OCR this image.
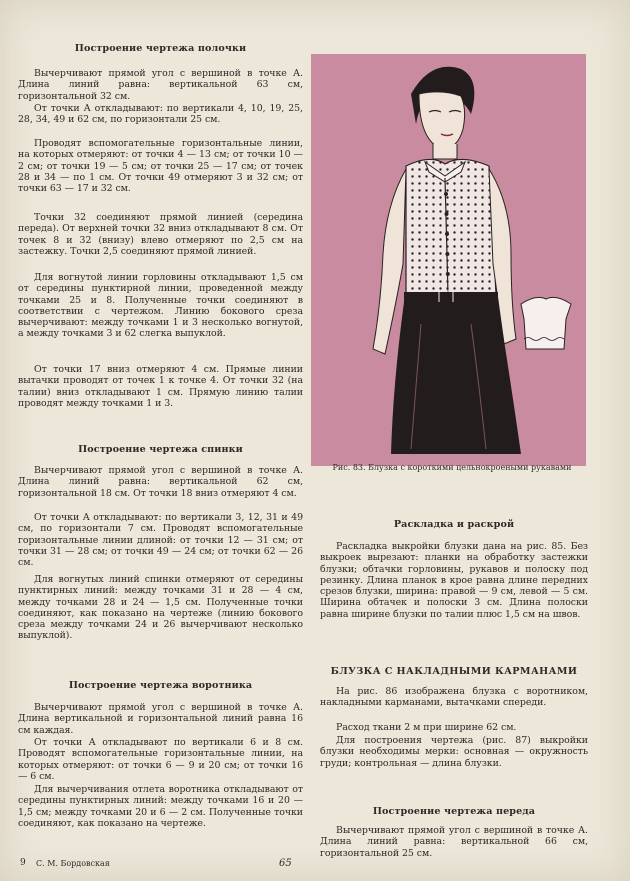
Построение чертежа полочки

Вычерчивают прямой угол с вершиной в точке А. Длина линий равна: вертикальной 63 см, горизонтальной 32 см.

От точки А откладывают: по вертикали 4, 10, 19, 25, 28, 34, 49 и 62 см, по горизонтали 25 см.

Проводят вспомогательные горизонтальные линии, на которых отмеряют: от точки 4 — 13 см; от точки 10 — 2 см; от точки 19 — 5 см; от точки 25 — 17 см; от точек 28 и 34 — по 1 см. От точки 49 отмеряют 3 и 32 см; от точки 63 — 17 и 32 см.

Точки 32 соединяют прямой линией (середина переда). От верхней точки 32 вниз откладывают 8 см. От точек 8 и 32 (внизу) влево отмеряют по 2,5 см на застежку. Точки 2,5 соединяют прямой линией.

Для вогнутой линии горловины откладывают 1,5 см от середины пунктирной линии, проведенной между точками 25 и 8. Полученные точки соединяют в соответствии с чертежом. Линию бокового среза вычерчивают: между точками 1 и 3 несколько вогнутой, а между точками 3 и 62 слегка выпуклой.

От точки 17 вниз отмеряют 4 см. Прямые линии вытачки проводят от точек 1 к точке 4. От точки 32 (на талии) вниз откладывают 1 см. Прямую линию талии проводят между точками 1 и 3.

Построение чертежа спинки

Вычерчивают прямой угол с вершиной в точке А. Длина линий равна: вертикальной 62 см, горизонтальной 18 см. От точки 18 вниз отмеряют 4 см.

От точки А откладывают: по вертикали 3, 12, 31 и 49 см, по горизонтали 7 см. Проводят вспомогательные горизонтальные линии длиной: от точки 12 — 31 см; от точки 31 — 28 см; от точки 49 — 24 см; от точки 62 — 26 см.

Для вогнутых линий спинки отмеряют от середины пунктирных линий: между точками 31 и 28 — 4 см, между точками 28 и 24 — 1,5 см. Полученные точки соединяют, как показано на чертеже (линию бокового среза между точками 24 и 26 вычерчивают несколько выпуклой).

Построение чертежа воротника

Вычерчивают прямой угол с вершиной в точке А. Длина вертикальной и горизонтальной линий равна 16 см каждая.

От точки А откладывают по вертикали 6 и 8 см. Проводят вспомогательные горизонтальные линии, на которых отмеряют: от точки 6 — 9 и 20 см; от точки 16 — 6 см.

Для вычерчивания отлета воротника откладывают от середины пунктирных линий: между точками 16 и 20 — 1,5 см; между точками 20 и 6 — 2 см. Полученные точки соединяют, как показано на чертеже.

Рис. 83. Блузка с короткими цельнокроеными рукавами

Раскладка и раскрой

Раскладка выкройки блузки дана на рис. 85. Без выкроек вырезают: планки на обработку застежки блузки; обтачки горловины, рукавов и полоску под резинку. Длина планок в крое равна длине передних срезов блузки, ширина: правой — 9 см, левой — 5 см. Ширина обтачек и полоски 3 см. Длина полоски равна ширине блузки по талии плюс 1,5 см на швов.

БЛУЗКА С НАКЛАДНЫМИ КАРМАНАМИ

На рис. 86 изображена блузка с воротником, накладными карманами, вытачками спереди.

Расход ткани 2 м при ширине 62 см.

Для построения чертежа (рис. 87) выкройки блузки необходимы мерки: основная — окружность груди; контрольная — длина блузки.

Построение чертежа переда

Вычерчивают прямой угол с вершиной в точке А. Длина линий равна: вертикальной 66 см, горизонтальной 25 см.

9 С. М. Бордовская	65
